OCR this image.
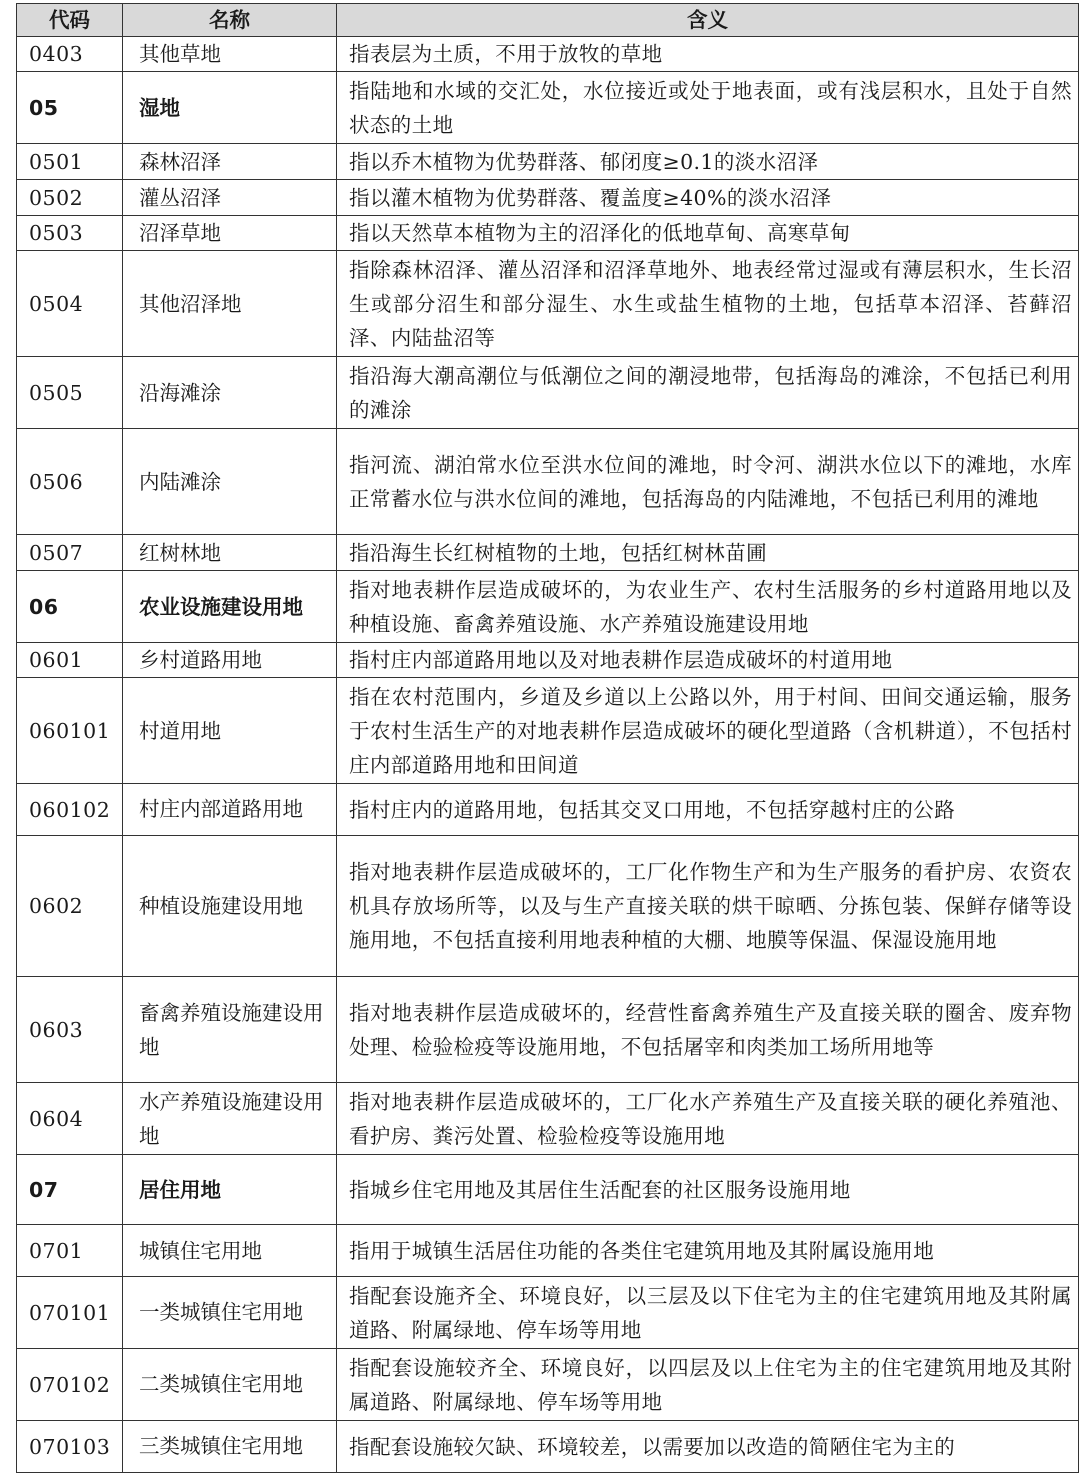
代码	名称	含义
0403	其他草地	指表层为土质，不用于放牧的草地
05	湿地	指陆地和水域的交汇处，水位接近或处于地表面，或有浅层积水，且处于自然状态的土地
0501	森林沼泽	指以乔木植物为优势群落、郁闭度≥0.1的淡水沼泽
0502	灌丛沼泽	指以灌木植物为优势群落、覆盖度≥40%的淡水沼泽
0503	沼泽草地	指以天然草本植物为主的沼泽化的低地草甸、高寒草甸
0504	其他沼泽地	指除森林沼泽、灌丛沼泽和沼泽草地外、地表经常过湿或有薄层积水，生长沼生或部分沼生和部分湿生、水生或盐生植物的土地，包括草本沼泽、苔藓沼泽、内陆盐沼等
0505	沿海滩涂	指沿海大潮高潮位与低潮位之间的潮浸地带，包括海岛的滩涂，不包括已利用的滩涂
0506	内陆滩涂	指河流、湖泊常水位至洪水位间的滩地，时令河、湖洪水位以下的滩地，水库正常蓄水位与洪水位间的滩地，包括海岛的内陆滩地，不包括已利用的滩地
0507	红树林地	指沿海生长红树植物的土地，包括红树林苗圃
06	农业设施建设用地	指对地表耕作层造成破坏的，为农业生产、农村生活服务的乡村道路用地以及种植设施、畜禽养殖设施、水产养殖设施建设用地
0601	乡村道路用地	指村庄内部道路用地以及对地表耕作层造成破坏的村道用地
060101	村道用地	指在农村范围内，乡道及乡道以上公路以外，用于村间、田间交通运输，服务于农村生活生产的对地表耕作层造成破坏的硬化型道路（含机耕道），不包括村庄内部道路用地和田间道
060102	村庄内部道路用地	指村庄内的道路用地，包括其交叉口用地，不包括穿越村庄的公路
0602	种植设施建设用地	指对地表耕作层造成破坏的，工厂化作物生产和为生产服务的看护房、农资农机具存放场所等，以及与生产直接关联的烘干晾晒、分拣包装、保鲜存储等设施用地，不包括直接利用地表种植的大棚、地膜等保温、保湿设施用地
0603	畜禽养殖设施建设用地	指对地表耕作层造成破坏的，经营性畜禽养殖生产及直接关联的圈舍、废弃物处理、检验检疫等设施用地，不包括屠宰和肉类加工场所用地等
0604	水产养殖设施建设用地	指对地表耕作层造成破坏的，工厂化水产养殖生产及直接关联的硬化养殖池、看护房、粪污处置、检验检疫等设施用地
07	居住用地	指城乡住宅用地及其居住生活配套的社区服务设施用地
0701	城镇住宅用地	指用于城镇生活居住功能的各类住宅建筑用地及其附属设施用地
070101	一类城镇住宅用地	指配套设施齐全、环境良好，以三层及以下住宅为主的住宅建筑用地及其附属道路、附属绿地、停车场等用地
070102	二类城镇住宅用地	指配套设施较齐全、环境良好，以四层及以上住宅为主的住宅建筑用地及其附属道路、附属绿地、停车场等用地
070103	三类城镇住宅用地	指配套设施较欠缺、环境较差，以需要加以改造的简陋住宅为主的
